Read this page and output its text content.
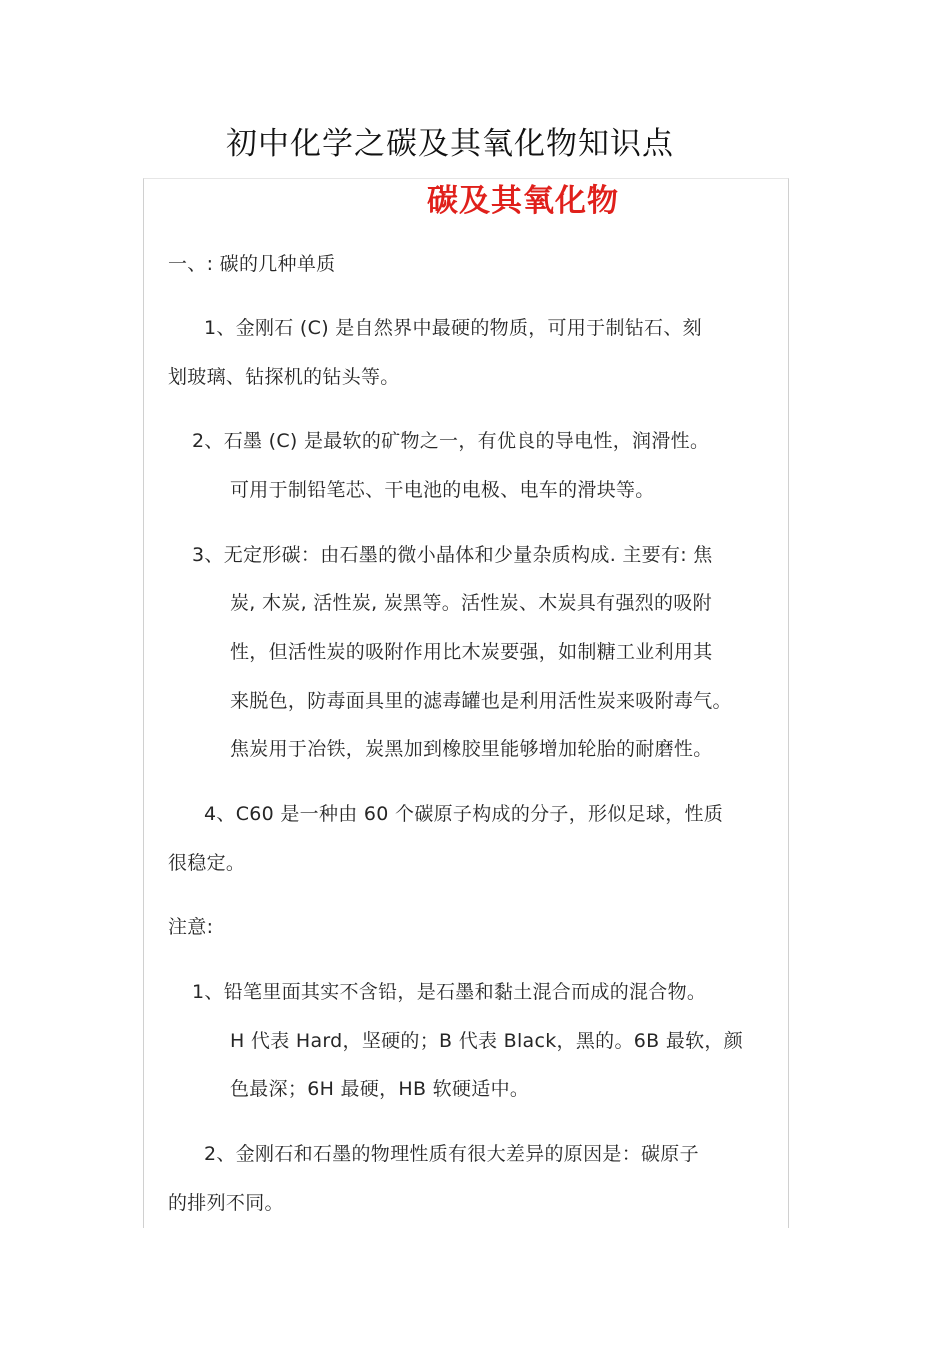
初中化学之碳及其氧化物知识点
碳及其氧化物
一、: 碳的几种单质
1、金刚石 (C) 是自然界中最硬的物质，可用于制钻石、刻
划玻璃、钻探机的钻头等。
2、石墨 (C) 是最软的矿物之一，有优良的导电性，润滑性。
可用于制铅笔芯、干电池的电极、电车的滑块等。
3、无定形碳：由石墨的微小晶体和少量杂质构成. 主要有: 焦
炭, 木炭, 活性炭, 炭黑等。活性炭、木炭具有强烈的吸附
性，但活性炭的吸附作用比木炭要强，如制糖工业利用其
来脱色，防毒面具里的滤毒罐也是利用活性炭来吸附毒气。
焦炭用于冶铁，炭黑加到橡胶里能够增加轮胎的耐磨性。
4、C60 是一种由 60 个碳原子构成的分子，形似足球，性质
很稳定。
注意:
1、铅笔里面其实不含铅，是石墨和黏土混合而成的混合物。
H 代表 Hard，坚硬的；B 代表 Black，黑的。6B 最软，颜
色最深；6H 最硬，HB 软硬适中。
2、金刚石和石墨的物理性质有很大差异的原因是：碳原子
的排列不同。
